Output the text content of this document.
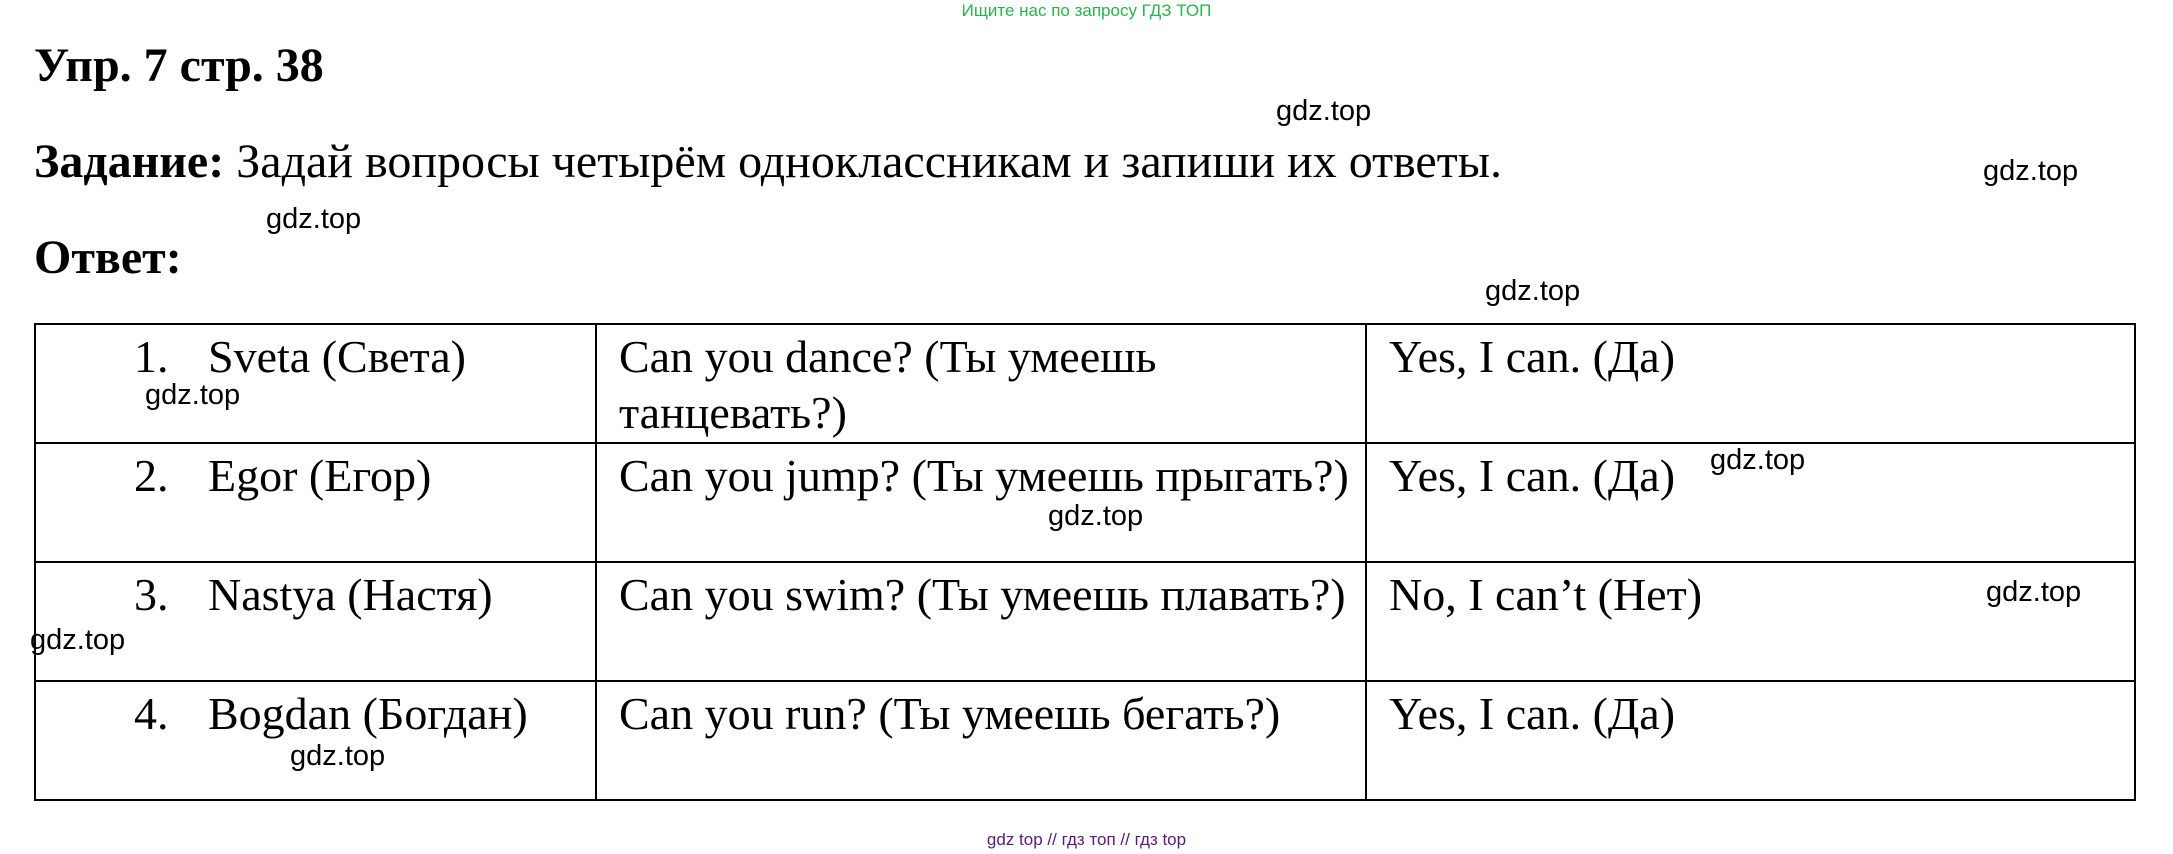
Ищите нас по запросу ГДЗ ТОП
Упр. 7 стр. 38
Задание: Задай вопросы четырём одноклассникам и запиши их ответы.
Ответ:
1. Sveta (Света)	Can you dance? (Ты умеешь танцевать?)	Yes, I can. (Да)
2. Egor (Егор)	Can you jump? (Ты умеешь прыгать?)	Yes, I can. (Да)
3. Nastya (Настя)	Can you swim? (Ты умеешь плавать?)	No, I can’t (Нет)
4. Bogdan (Богдан)	Can you run? (Ты умеешь бегать?)	Yes, I can. (Да)
gdz.top
gdz.top
gdz.top
gdz.top
gdz.top
gdz.top
gdz.top
gdz.top
gdz.top
gdz.top
gdz top // гдз топ // гдз top
